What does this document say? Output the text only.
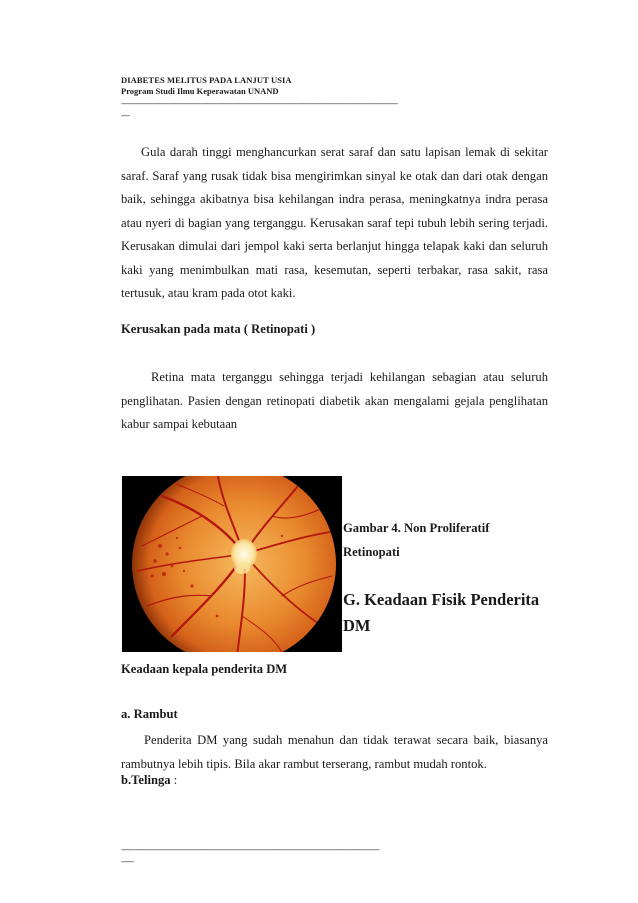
DIABETES MELITUS PADA LANJUT USIA
Program Studi Ilmu Keperawatan UNAND
--------------------------------------------------------------------------------------------------------------------------------------
----
Gula darah tinggi menghancurkan serat saraf dan satu lapisan lemak di sekitar saraf. Saraf yang rusak tidak bisa mengirimkan sinyal ke otak dan dari otak dengan baik, sehingga akibatnya bisa kehilangan indra perasa, meningkatnya indra perasa atau nyeri di bagian yang terganggu. Kerusakan saraf tepi tubuh lebih sering terjadi. Kerusakan dimulai dari jempol kaki serta berlanjut hingga telapak kaki dan seluruh kaki yang menimbulkan mati rasa, kesemutan, seperti terbakar, rasa sakit, rasa tertusuk, atau kram pada otot kaki.
Kerusakan pada mata ( Retinopati )
Retina mata terganggu sehingga terjadi kehilangan sebagian atau seluruh penglihatan. Pasien dengan retinopati diabetik akan mengalami gejala penglihatan kabur sampai kebutaan
Gambar 4. Non Proliferatif
Retinopati
G. Keadaan Fisik Penderita
DM
Keadaan kepala penderita DM
a. Rambut
Penderita DM yang sudah menahun dan tidak terawat secara baik, biasanya rambutnya lebih tipis. Bila akar rambut terserang, rambut mudah rontok.
b.Telinga :
-----------------------------------------------------------------------------------------------------------------------------
------
